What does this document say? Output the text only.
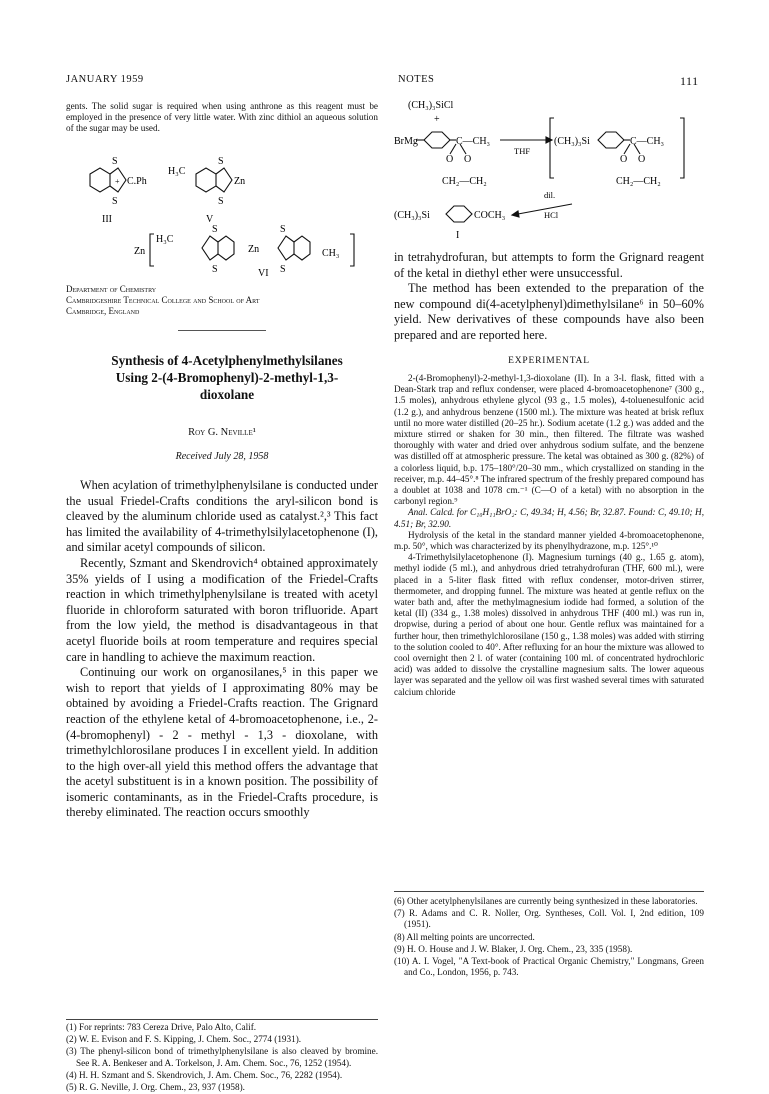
JANUARY 1959	NOTES	111
gents. The solid sugar is required when using anthrone as this reagent must be employed in the presence of very little water. With zinc dithiol an aqueous solution of the sugar may be used.
S
S
C.Ph
+
H₃C
S
S
Zn
III	V
Zn
H₃C
S
S
Zn
S
S
CH₃
VI
Department of Chemistry
Cambridgeshire Technical College and School of Art
Cambridge, England
Synthesis of 4-Acetylphenylmethylsilanes Using 2-(4-Bromophenyl)-2-methyl-1,3-dioxolane
Roy G. Neville¹
Received July 28, 1958

When acylation of trimethylphenylsilane is conducted under the usual Friedel-Crafts conditions the aryl-silicon bond is cleaved by the aluminum chloride used as catalyst.²,³ This fact has limited the availability of 4-trimethylsilylacetophenone (I), and similar acetyl compounds of silicon.

Recently, Szmant and Skendrovich⁴ obtained approximately 35% yields of I using a modification of the Friedel-Crafts reaction in which trimethylphenylsilane is treated with acetyl fluoride in chloroform saturated with boron trifluoride. Apart from the low yield, the method is disadvantageous in that acetyl fluoride boils at room temperature and requires special care in handling to achieve the maximum reaction.

Continuing our work on organosilanes,⁵ in this paper we wish to report that yields of I approximating 80% may be obtained by avoiding a Friedel-Crafts reaction. The Grignard reaction of the ethylene ketal of 4-bromoacetophenone, i.e., 2-(4-bromophenyl) - 2 - methyl - 1,3 - dioxolane, with trimethylchlorosilane produces I in excellent yield. In addition to the high over-all yield this method offers the advantage that the acetyl substituent is in a known position. The possibility of isomeric contaminants, as in the Friedel-Crafts procedure, is thereby eliminated. The reaction occurs smoothly

(1) For reprints: 783 Cereza Drive, Palo Alto, Calif.

(2) W. E. Evison and F. S. Kipping, J. Chem. Soc., 2774 (1931).

(3) The phenyl-silicon bond of trimethylphenylsilane is also cleaved by bromine. See R. A. Benkeser and A. Torkelson, J. Am. Chem. Soc., 76, 1252 (1954).

(4) H. H. Szmant and S. Skendrovich, J. Am. Chem. Soc., 76, 2282 (1954).

(5) R. G. Neville, J. Org. Chem., 23, 937 (1958).

(CH₃)₃SiCl
+
BrMg	C—CH₃
O O
CH₂—CH₂
THF
(CH₃)₃Si	C—CH₃
O O
CH₂—CH₂
dil.
HCl
(CH₃)₃Si	COCH₃
I

in tetrahydrofuran, but attempts to form the Grignard reagent of the ketal in diethyl ether were unsuccessful.

The method has been extended to the preparation of the new compound di(4-acetylphenyl)dimethylsilane⁶ in 50–60% yield. New derivatives of these compounds have also been prepared and are reported here.

EXPERIMENTAL

2-(4-Bromophenyl)-2-methyl-1,3-dioxolane (II). In a 3-l. flask, fitted with a Dean-Stark trap and reflux condenser, were placed 4-bromoacetophenone⁷ (300 g., 1.5 moles), anhydrous ethylene glycol (93 g., 1.5 moles), 4-toluenesulfonic acid (1.2 g.), and anhydrous benzene (1500 ml.). The mixture was heated at brisk reflux until no more water distilled (20–25 hr.). Sodium acetate (1.2 g.) was added and the mixture stirred or shaken for 30 min., then filtered. The filtrate was washed thoroughly with water and dried over anhydrous sodium sulfate, and the benzene was distilled off at atmospheric pressure. The ketal was obtained as 300 g. (82%) of a colorless liquid, b.p. 175–180°/20–30 mm., which crystallized on standing in the receiver, m.p. 44–45°.⁸ The infrared spectrum of the freshly prepared compound has a doublet at 1038 and 1078 cm.⁻¹ (C—O of a ketal) with no absorption in the carbonyl region.⁹

Anal. Calcd. for C₁₀H₁₁BrO₂: C, 49.34; H, 4.56; Br, 32.87. Found: C, 49.10; H, 4.51; Br, 32.90.

Hydrolysis of the ketal in the standard manner yielded 4-bromoacetophenone, m.p. 50°, which was characterized by its phenylhydrazone, m.p. 125°.¹⁰

4-Trimethylsilylacetophenone (I). Magnesium turnings (40 g., 1.65 g. atom), methyl iodide (5 ml.), and anhydrous dried tetrahydrofuran (THF, 600 ml.), were placed in a 5-liter flask fitted with reflux condenser, motor-driven stirrer, thermometer, and dropping funnel. The mixture was heated at gentle reflux on the water bath and, after the methylmagnesium iodide had formed, a solution of the ketal (II) (334 g., 1.38 moles) dissolved in anhydrous THF (400 ml.) was run in, dropwise, during a period of about one hour. Gentle reflux was maintained for a further hour, then trimethylchlorosilane (150 g., 1.38 moles) was added with stirring to the solution cooled to 40°. After refluxing for an hour the mixture was allowed to cool overnight then 2 l. of water (containing 100 ml. of concentrated hydrochloric acid) was added to dissolve the crystalline magnesium salts. The lower aqueous layer was separated and the yellow oil was first washed several times with saturated calcium chloride

(6) Other acetylphenylsilanes are currently being synthesized in these laboratories.

(7) R. Adams and C. R. Noller, Org. Syntheses, Coll. Vol. I, 2nd edition, 109 (1951).

(8) All melting points are uncorrected.

(9) H. O. House and J. W. Blaker, J. Org. Chem., 23, 335 (1958).

(10) A. I. Vogel, "A Text-book of Practical Organic Chemistry," Longmans, Green and Co., London, 1956, p. 743.
